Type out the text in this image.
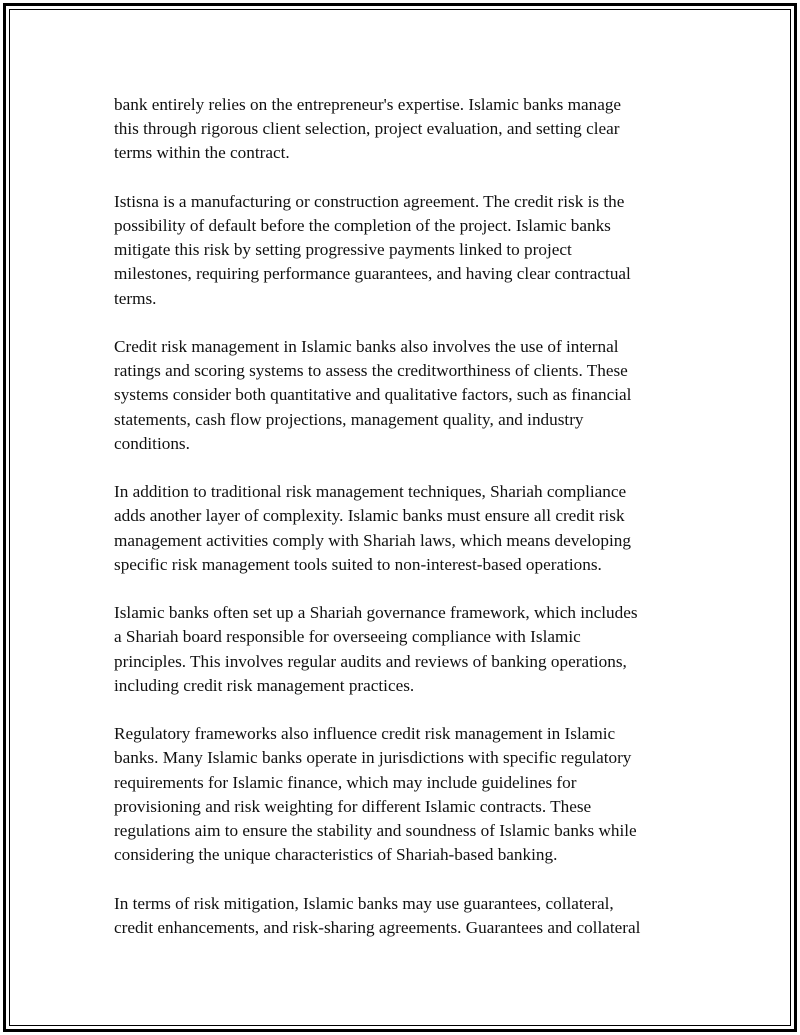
bank entirely relies on the entrepreneur's expertise. Islamic banks manage
this through rigorous client selection, project evaluation, and setting clear
terms within the contract.

Istisna is a manufacturing or construction agreement. The credit risk is the
possibility of default before the completion of the project. Islamic banks
mitigate this risk by setting progressive payments linked to project
milestones, requiring performance guarantees, and having clear contractual
terms.

Credit risk management in Islamic banks also involves the use of internal
ratings and scoring systems to assess the creditworthiness of clients. These
systems consider both quantitative and qualitative factors, such as financial
statements, cash flow projections, management quality, and industry
conditions.

In addition to traditional risk management techniques, Shariah compliance
adds another layer of complexity. Islamic banks must ensure all credit risk
management activities comply with Shariah laws, which means developing
specific risk management tools suited to non-interest-based operations.

Islamic banks often set up a Shariah governance framework, which includes
a Shariah board responsible for overseeing compliance with Islamic
principles. This involves regular audits and reviews of banking operations,
including credit risk management practices.

Regulatory frameworks also influence credit risk management in Islamic
banks. Many Islamic banks operate in jurisdictions with specific regulatory
requirements for Islamic finance, which may include guidelines for
provisioning and risk weighting for different Islamic contracts. These
regulations aim to ensure the stability and soundness of Islamic banks while
considering the unique characteristics of Shariah-based banking.

In terms of risk mitigation, Islamic banks may use guarantees, collateral,
credit enhancements, and risk-sharing agreements. Guarantees and collateral
